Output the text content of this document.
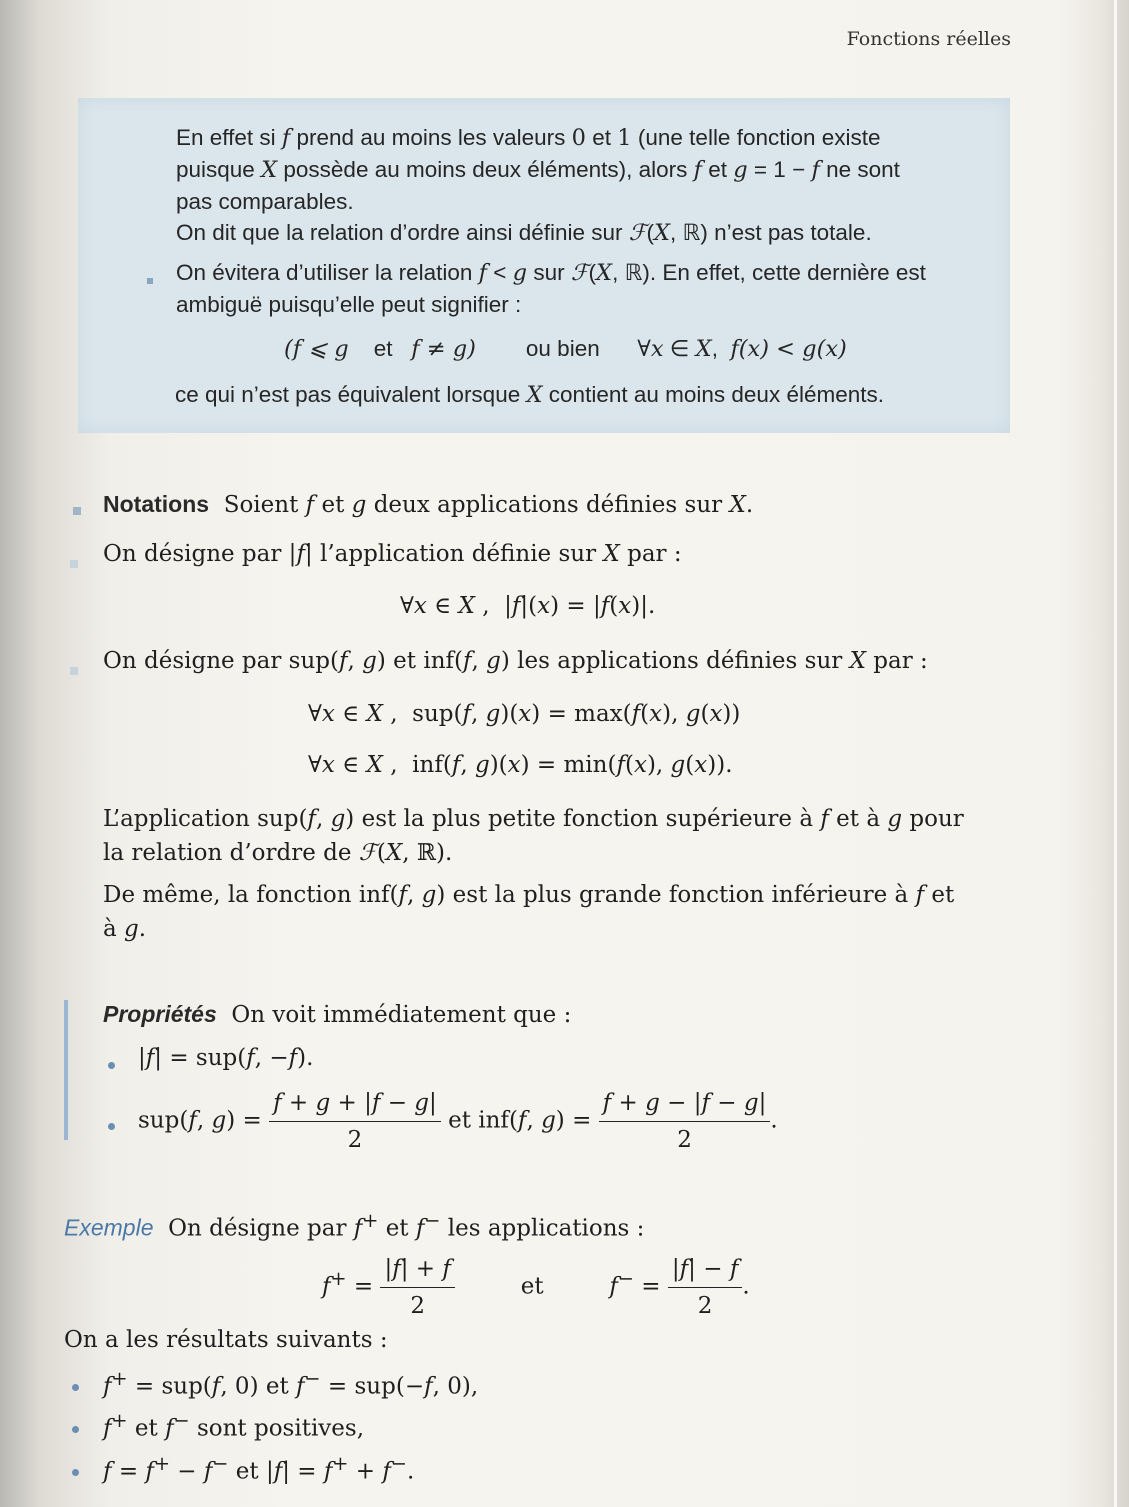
Fonctions réelles
En effet si f prend au moins les valeurs 0 et 1 (une telle fonction existe
puisque X possède au moins deux éléments), alors f et g = 1 − f ne sont
pas comparables.
On dit que la relation d’ordre ainsi définie sur ℱ(X, ℝ) n’est pas totale.
On évitera d’utiliser la relation f < g sur ℱ(X, ℝ). En effet, cette dernière est
ambiguë puisqu’elle peut signifier :
(f ⩽ g et f ≠ g) ou bien ∀x ∈ X,  f(x) < g(x)
ce qui n’est pas équivalent lorsque X contient au moins deux éléments.
Notations Soient f et g deux applications définies sur X.
On désigne par |f| l’application définie sur X par :
∀x ∈ X ,  |f|(x) = |f(x)|.
On désigne par sup(f, g) et inf(f, g) les applications définies sur X par :
∀x ∈ X ,  sup(f, g)(x) = max(f(x), g(x))
∀x ∈ X ,  inf(f, g)(x) = min(f(x), g(x)).
L’application sup(f, g) est la plus petite fonction supérieure à f et à g pour
la relation d’ordre de ℱ(X, ℝ).
De même, la fonction inf(f, g) est la plus grande fonction inférieure à f et
à g.
Propriétés On voit immédiatement que :
|f| = sup(f, −f).
sup(f, $g) = \frac{f + g + |f - g|}{2}$ et inf(f, $g) = \frac{f + g - |f - g|}{2}$ .
Exemple On désigne par f+ et f− les applications :
$f^+ = \frac{|f| + f}{2}$	et	$f^- = \frac{|f| - f}{2}$ .
On a les résultats suivants :
f+ = sup(f, 0) et f− = sup(−f, 0),
f+ et f− sont positives,
f = f+ − f− et |f| = f+ + f−.
